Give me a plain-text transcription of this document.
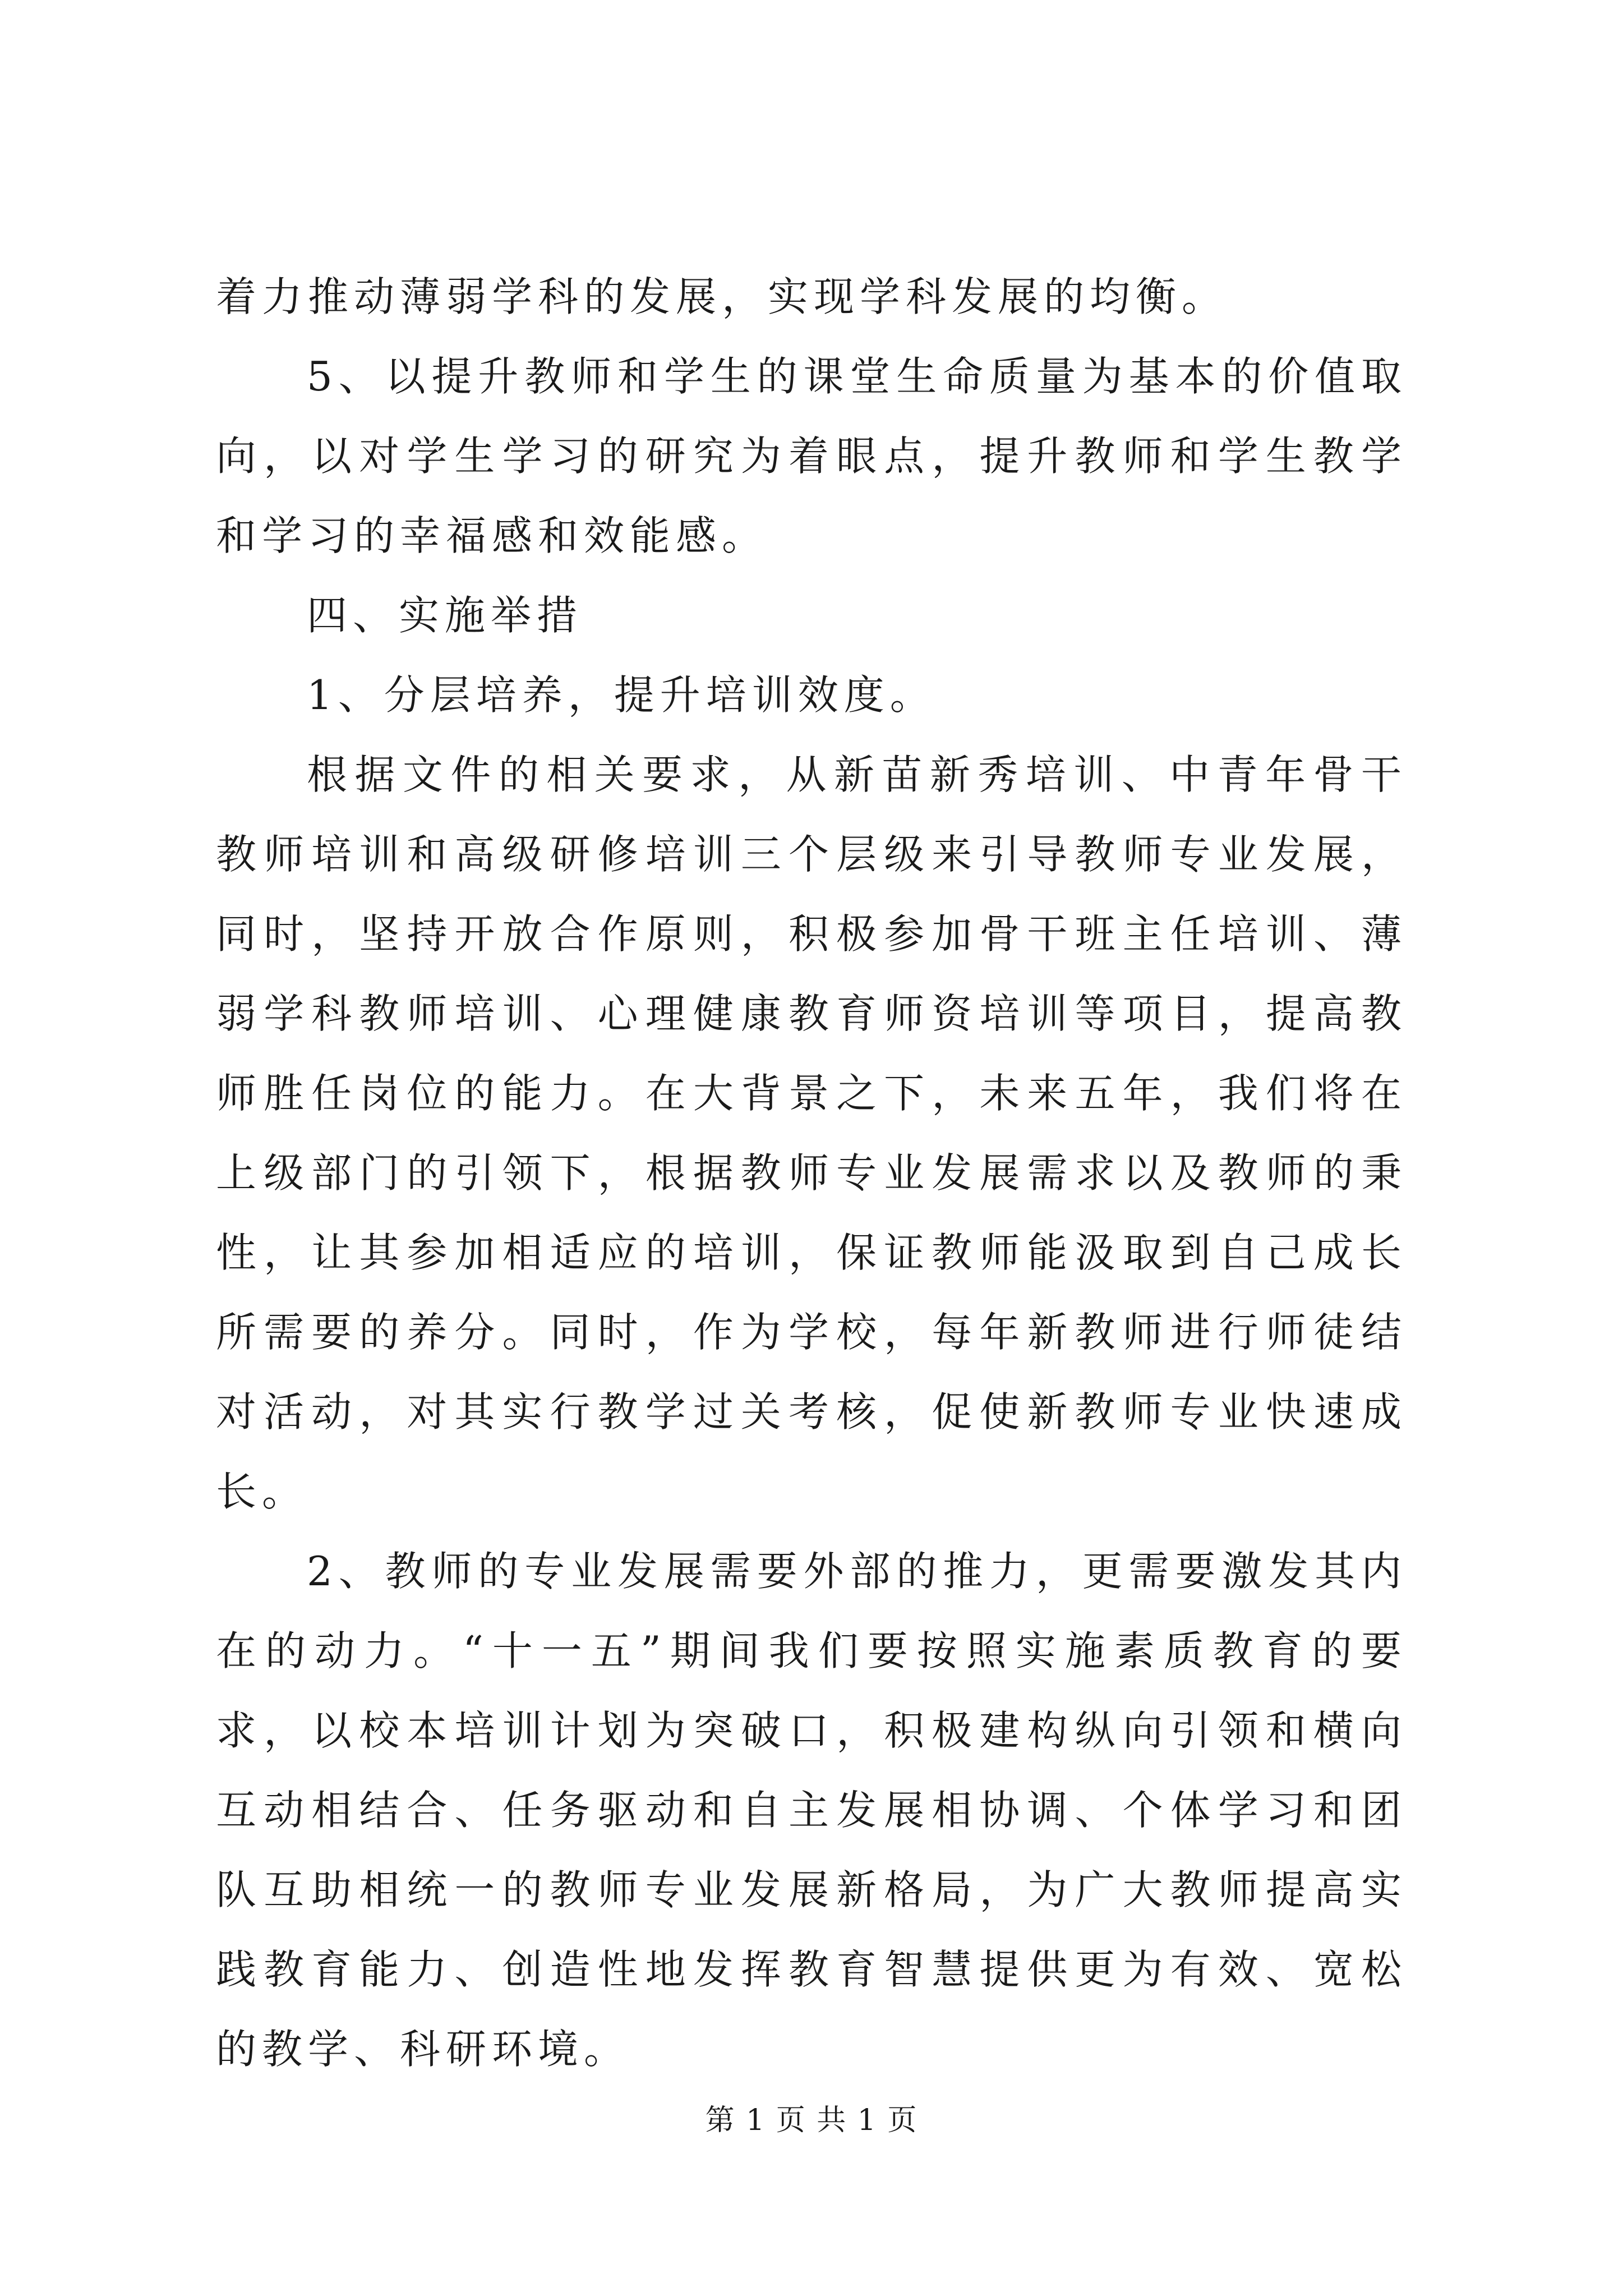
着力推动薄弱学科的发展，实现学科发展的均衡。

5、以提升教师和学生的课堂生命质量为基本的价值取向，以对学生学习的研究为着眼点，提升教师和学生教学和学习的幸福感和效能感。

四、实施举措

1、分层培养，提升培训效度。

根据文件的相关要求，从新苗新秀培训、中青年骨干教师培训和高级研修培训三个层级来引导教师专业发展，同时，坚持开放合作原则，积极参加骨干班主任培训、薄弱学科教师培训、心理健康教育师资培训等项目，提高教师胜任岗位的能力。在大背景之下，未来五年，我们将在上级部门的引领下，根据教师专业发展需求以及教师的秉性，让其参加相适应的培训，保证教师能汲取到自己成长所需要的养分。同时，作为学校，每年新教师进行师徒结对活动，对其实行教学过关考核，促使新教师专业快速成长。

2、教师的专业发展需要外部的推力，更需要激发其内在的动力。“十一五”期间我们要按照实施素质教育的要求，以校本培训计划为突破口，积极建构纵向引领和横向互动相结合、任务驱动和自主发展相协调、个体学习和团队互助相统一的教师专业发展新格局，为广大教师提高实践教育能力、创造性地发挥教育智慧提供更为有效、宽松的教学、科研环境。

第 1 页 共 1 页
